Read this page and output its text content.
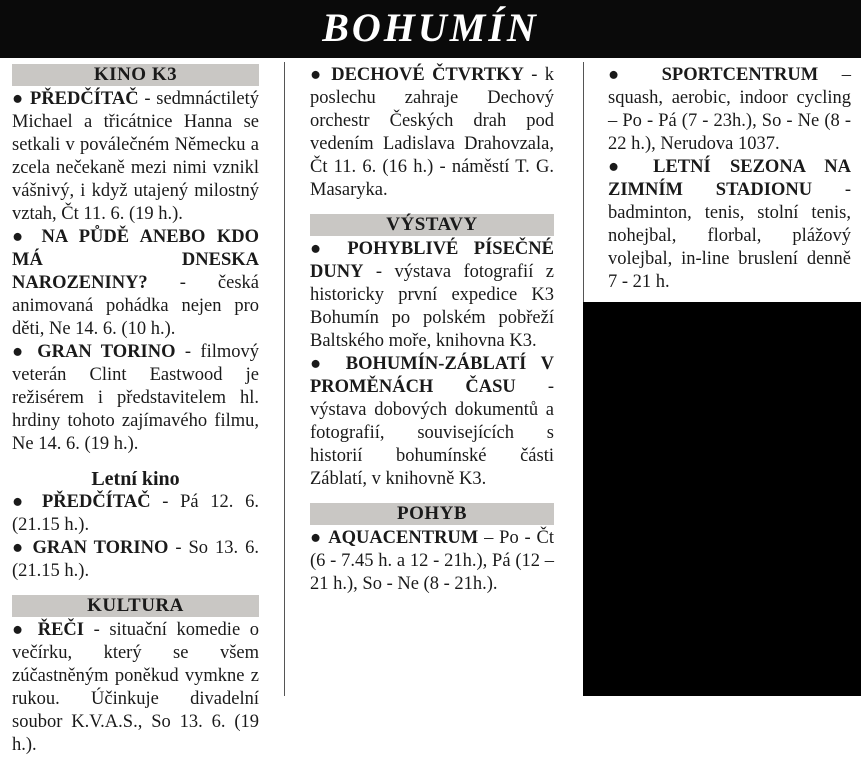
BOHUMÍN
KINO K3

● PŘEDČÍTAČ - sedmnáctiletý Michael a třicátnice Hanna se setkali v poválečném Německu a zcela nečekaně mezi nimi vznikl vášnivý, i když utajený milostný vztah, Čt 11. 6. (19 h.).

● NA PŮDĚ ANEBO KDO MÁ DNESKA NAROZENINY? - česká animovaná pohádka nejen pro děti, Ne 14. 6. (10 h.).

● GRAN TORINO - filmový veterán Clint Eastwood je režisérem i představitelem hl. hrdiny tohoto zajímavého filmu, Ne 14. 6. (19 h.).

Letní kino

● PŘEDČÍTAČ - Pá 12. 6. (21.15 h.).

● GRAN TORINO - So 13. 6. (21.15 h.).

KULTURA

● ŘEČI - situační komedie o večírku, který se všem zúčastněným poněkud vymkne z rukou. Účinkuje divadelní soubor K.V.A.S., So 13. 6. (19 h.).

● DECHOVÉ ČTVRTKY - k poslechu zahraje Dechový orchestr Českých drah pod vedením Ladislava Drahovzala, Čt 11. 6. (16 h.) - náměstí T. G. Masaryka.

VÝSTAVY

● POHYBLIVÉ PÍSEČNÉ DUNY - výstava fotografií z historicky první expedice K3 Bohumín po polském pobřeží Baltského moře, knihovna K3.

● BOHUMÍN-ZÁBLATÍ V PROMĚNÁCH ČASU - výstava dobových dokumentů a fotografií, souvisejících s historií bohumínské části Záblatí, v knihovně K3.

POHYB

● AQUACENTRUM – Po - Čt (6 - 7.45 h. a 12 - 21h.), Pá (12 – 21 h.), So - Ne (8 - 21h.).

● SPORTCENTRUM – squash, aerobic, indoor cycling – Po - Pá (7 - 23h.), So - Ne (8 - 22 h.), Nerudova 1037.

● LETNÍ SEZONA NA ZIMNÍM STADIONU - badminton, tenis, stolní tenis, nohejbal, florbal, plážový volejbal, in-line bruslení denně 7 - 21 h.
